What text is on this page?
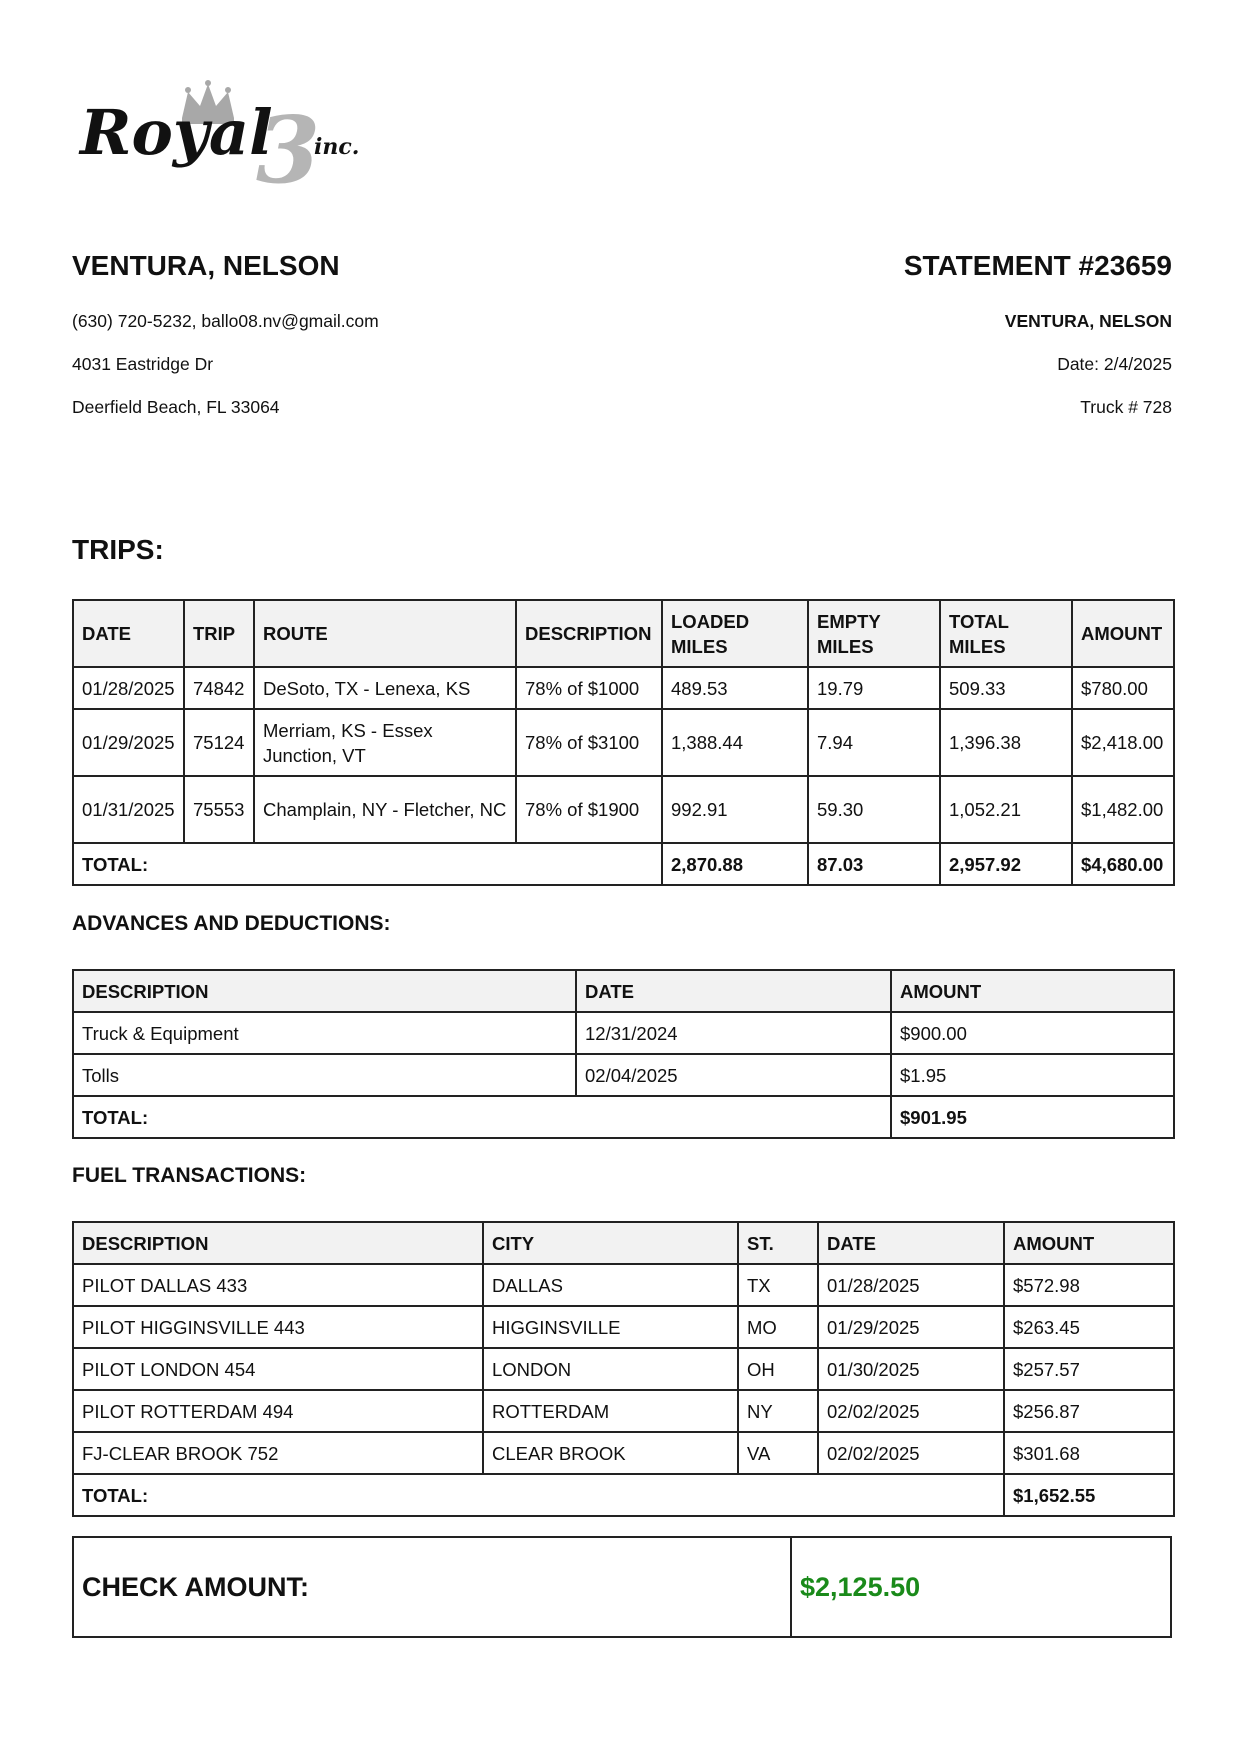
3
Royal inc.
VENTURA, NELSON
(630) 720-5232, ballo08.nv@gmail.com
4031 Eastridge Dr
Deerfield Beach, FL 33064
STATEMENT #23659
VENTURA, NELSON
Date: 2/4/2025
Truck # 728
TRIPS:
DATE	TRIP	ROUTE	DESCRIPTION	LOADED MILES	EMPTY MILES	TOTAL MILES	AMOUNT
01/28/2025	74842	DeSoto, TX - Lenexa, KS	78% of $1000	489.53	19.79	509.33	$780.00
01/29/2025	75124	Merriam, KS - Essex Junction, VT	78% of $3100	1,388.44	7.94	1,396.38	$2,418.00
01/31/2025	75553	Champlain, NY - Fletcher, NC	78% of $1900	992.91	59.30	1,052.21	$1,482.00
TOTAL:				2,870.88	87.03	2,957.92	$4,680.00
ADVANCES AND DEDUCTIONS:
DESCRIPTION	DATE	AMOUNT
Truck & Equipment	12/31/2024	$900.00
Tolls	02/04/2025	$1.95
TOTAL:		$901.95
FUEL TRANSACTIONS:
DESCRIPTION	CITY	ST.	DATE	AMOUNT
PILOT DALLAS 433	DALLAS	TX	01/28/2025	$572.98
PILOT HIGGINSVILLE 443	HIGGINSVILLE	MO	01/29/2025	$263.45
PILOT LONDON 454	LONDON	OH	01/30/2025	$257.57
PILOT ROTTERDAM 494	ROTTERDAM	NY	02/02/2025	$256.87
FJ-CLEAR BROOK 752	CLEAR BROOK	VA	02/02/2025	$301.68
TOTAL:				$1,652.55
CHECK AMOUNT:	$2,125.50
